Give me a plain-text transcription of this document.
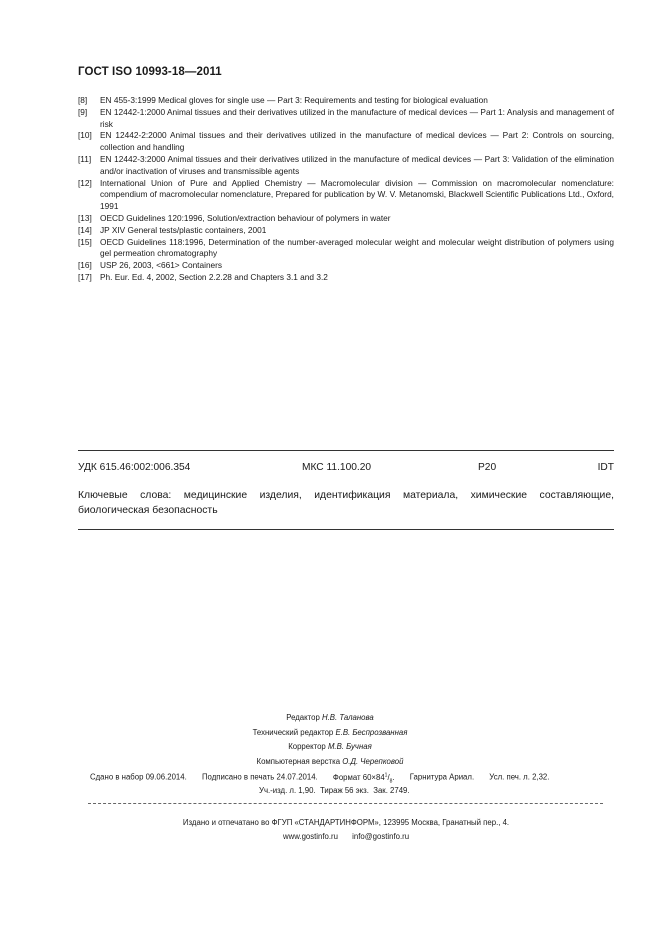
ГОСТ ISO 10993-18—2011
[8]	EN 455-3:1999 Medical gloves for single use — Part 3: Requirements and testing for biological evaluation
[9]	EN 12442-1:2000 Animal tissues and their derivatives utilized in the manufacture of medical devices — Part 1: Analysis and management of risk
[10] EN 12442-2:2000 Animal tissues and their derivatives utilized in the manufacture of medical devices — Part 2: Controls on sourcing, collection and handling
[11]	EN 12442-3:2000 Animal tissues and their derivatives utilized in the manufacture of medical devices — Part 3: Validation of the elimination and/or inactivation of viruses and transmissible agents
[12] International Union of Pure and Applied Chemistry — Macromolecular division — Commission on macromolecular nomenclature: compendium of macromolecular nomenclature, Prepared for publication by W. V. Metanomski, Blackwell Scientific Publications Ltd., Oxford, 1991
[13] OECD Guidelines 120:1996, Solution/extraction behaviour of polymers in water
[14] JP XIV General tests/plastic containers, 2001
[15] OECD Guidelines 118:1996, Determination of the number-averaged molecular weight and molecular weight distribution of polymers using gel permeation chromatography
[16] USP 26, 2003, <661> Containers
[17] Ph. Eur. Ed. 4, 2002, Section 2.2.28 and Chapters 3.1 and 3.2
УДК 615.46:002:006.354	МКС 11.100.20	Р20	IDT
Ключевые слова: медицинские изделия, идентификация материала, химические составляющие, биологическая безопасность
Редактор Н.В. Таланова
Технический редактор Е.В. Беспрозванная
Корректор М.В. Бучная
Компьютерная верстка О.Д. Черепковой
Сдано в набор 09.06.2014. Подписано в печать 24.07.2014. Формат $60\times 84^1/_8$. Гарнитура Ариал. Усл. печ. л. 2,32.
Уч.-изд. л. 1,90. Тираж 56 экз. Зак. 2749.
Издано и отпечатано во ФГУП «СТАНДАРТИНФОРМ», 123995 Москва, Гранатный пер., 4.
www.gostinfo.ru info@gostinfo.ru
